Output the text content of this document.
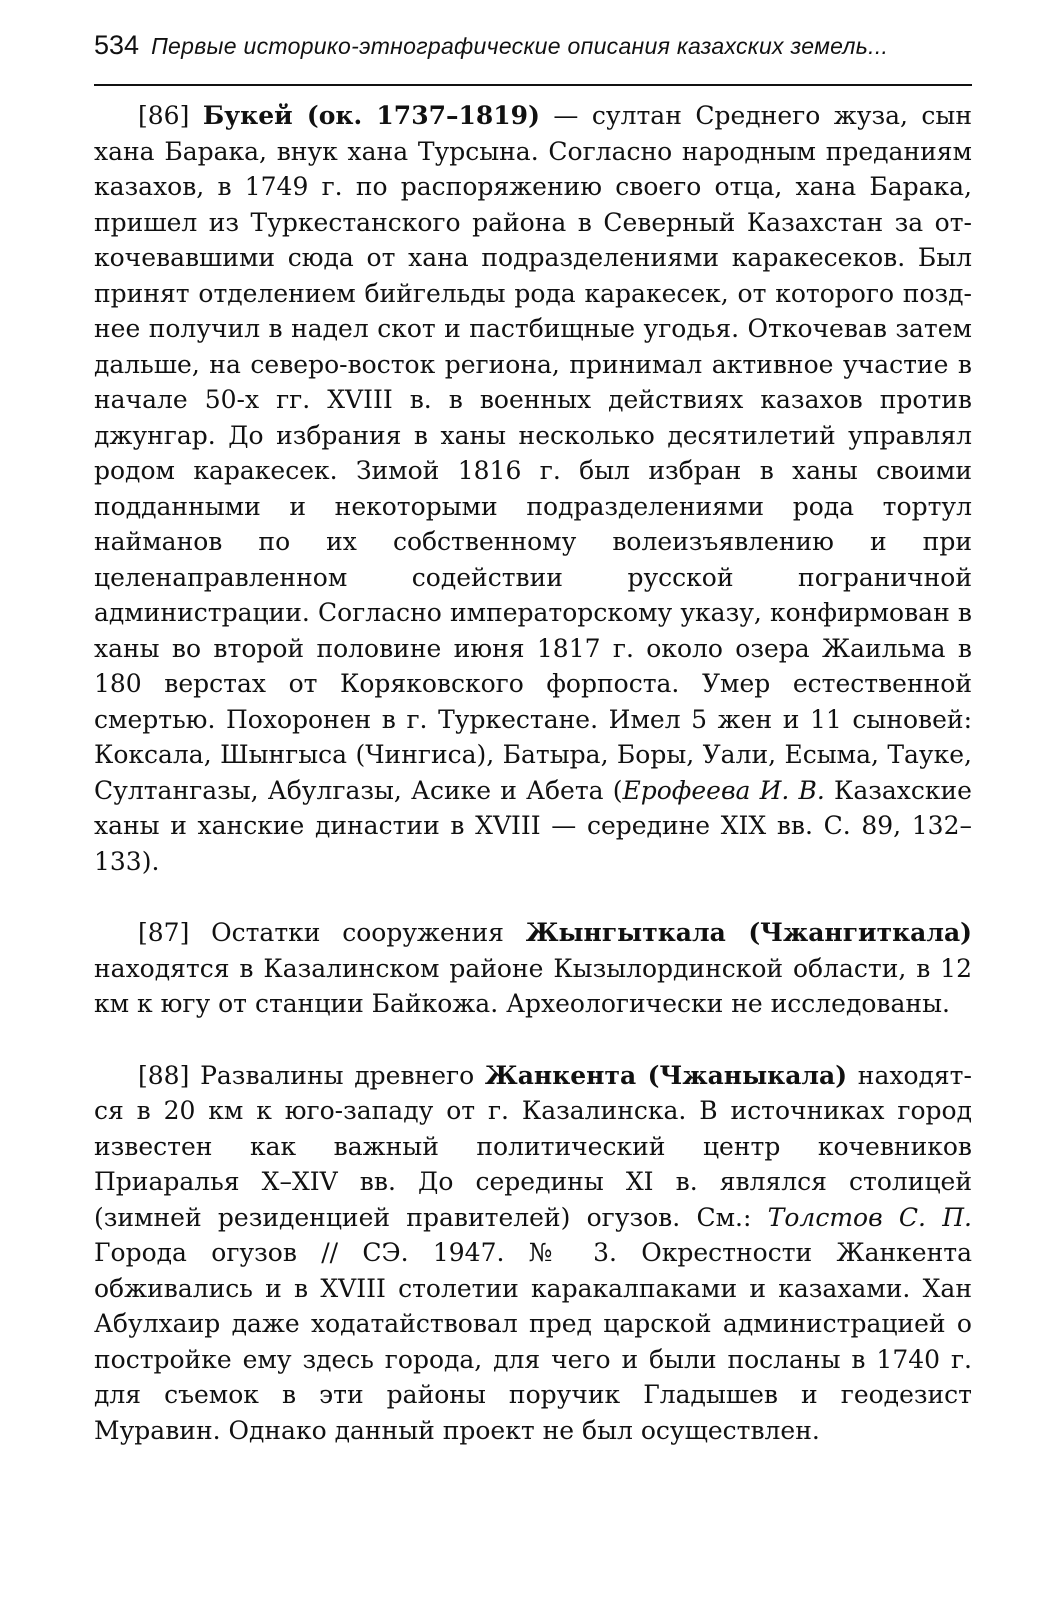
534 Первые историко-этнографические описания казахских земель...

[86] Букей (ок. 1737–1819) — султан Среднего жуза, сын хана Барака, внук хана Турсына. Согласно народным преданиям казахов, в 1749 г. по распоряжению своего отца, хана Барака, пришел из Туркестанского района в Северный Казахстан за откочевавшими сюда от хана подразделениями каракесеков. Был принят отделением бийгельды рода каракесек, от которого позднее получил в надел скот и пастбищные угодья. Откочевав затем дальше, на северо-восток региона, принимал активное участие в начале 50-х гг. XVIII в. в военных действиях казахов против джунгар. До избрания в ханы несколько десятилетий управлял родом каракесек. Зимой 1816 г. был избран в ханы своими подданными и некоторыми подразделениями рода тортул найманов по их собственному волеизъявлению и при целенаправленном содействии русской пограничной администрации. Согласно императорскому указу, конфирмован в ханы во второй половине июня 1817 г. около озера Жаильма в 180 верстах от Коряковского форпоста. Умер естественной смертью. Похоронен в г. Туркестане. Имел 5 жен и 11 сыновей: Коксала, Шынгыса (Чингиса), Батыра, Боры, Уали, Есыма, Тауке, Султангазы, Абулгазы, Асике и Абета (Ерофеева И. В. Казахские ханы и ханские династии в XVIII — середине XIX вв. С. 89, 132–133).

[87] Остатки сооружения Жынгыткала (Чжангиткала) находятся в Казалинском районе Кызылординской области, в 12 км к югу от станции Байкожа. Археологически не исследованы.

[88] Развалины древнего Жанкента (Чжаныкала) находятся в 20 км к юго-западу от г. Казалинска. В источниках город известен как важный политический центр кочевников Приаралья X–XIV вв. До середины XI в. являлся столицей (зимней резиденцией правителей) огузов. См.: Толстов С. П. Города огузов // СЭ. 1947. № 3. Окрестности Жанкента обживались и в XVIII столетии каракалпаками и казахами. Хан Абулхаир даже ходатайствовал пред царской администрацией о постройке ему здесь города, для чего и были посланы в 1740 г. для съемок в эти районы поручик Гладышев и геодезист Муравин. Однако данный проект не был осуществлен.
